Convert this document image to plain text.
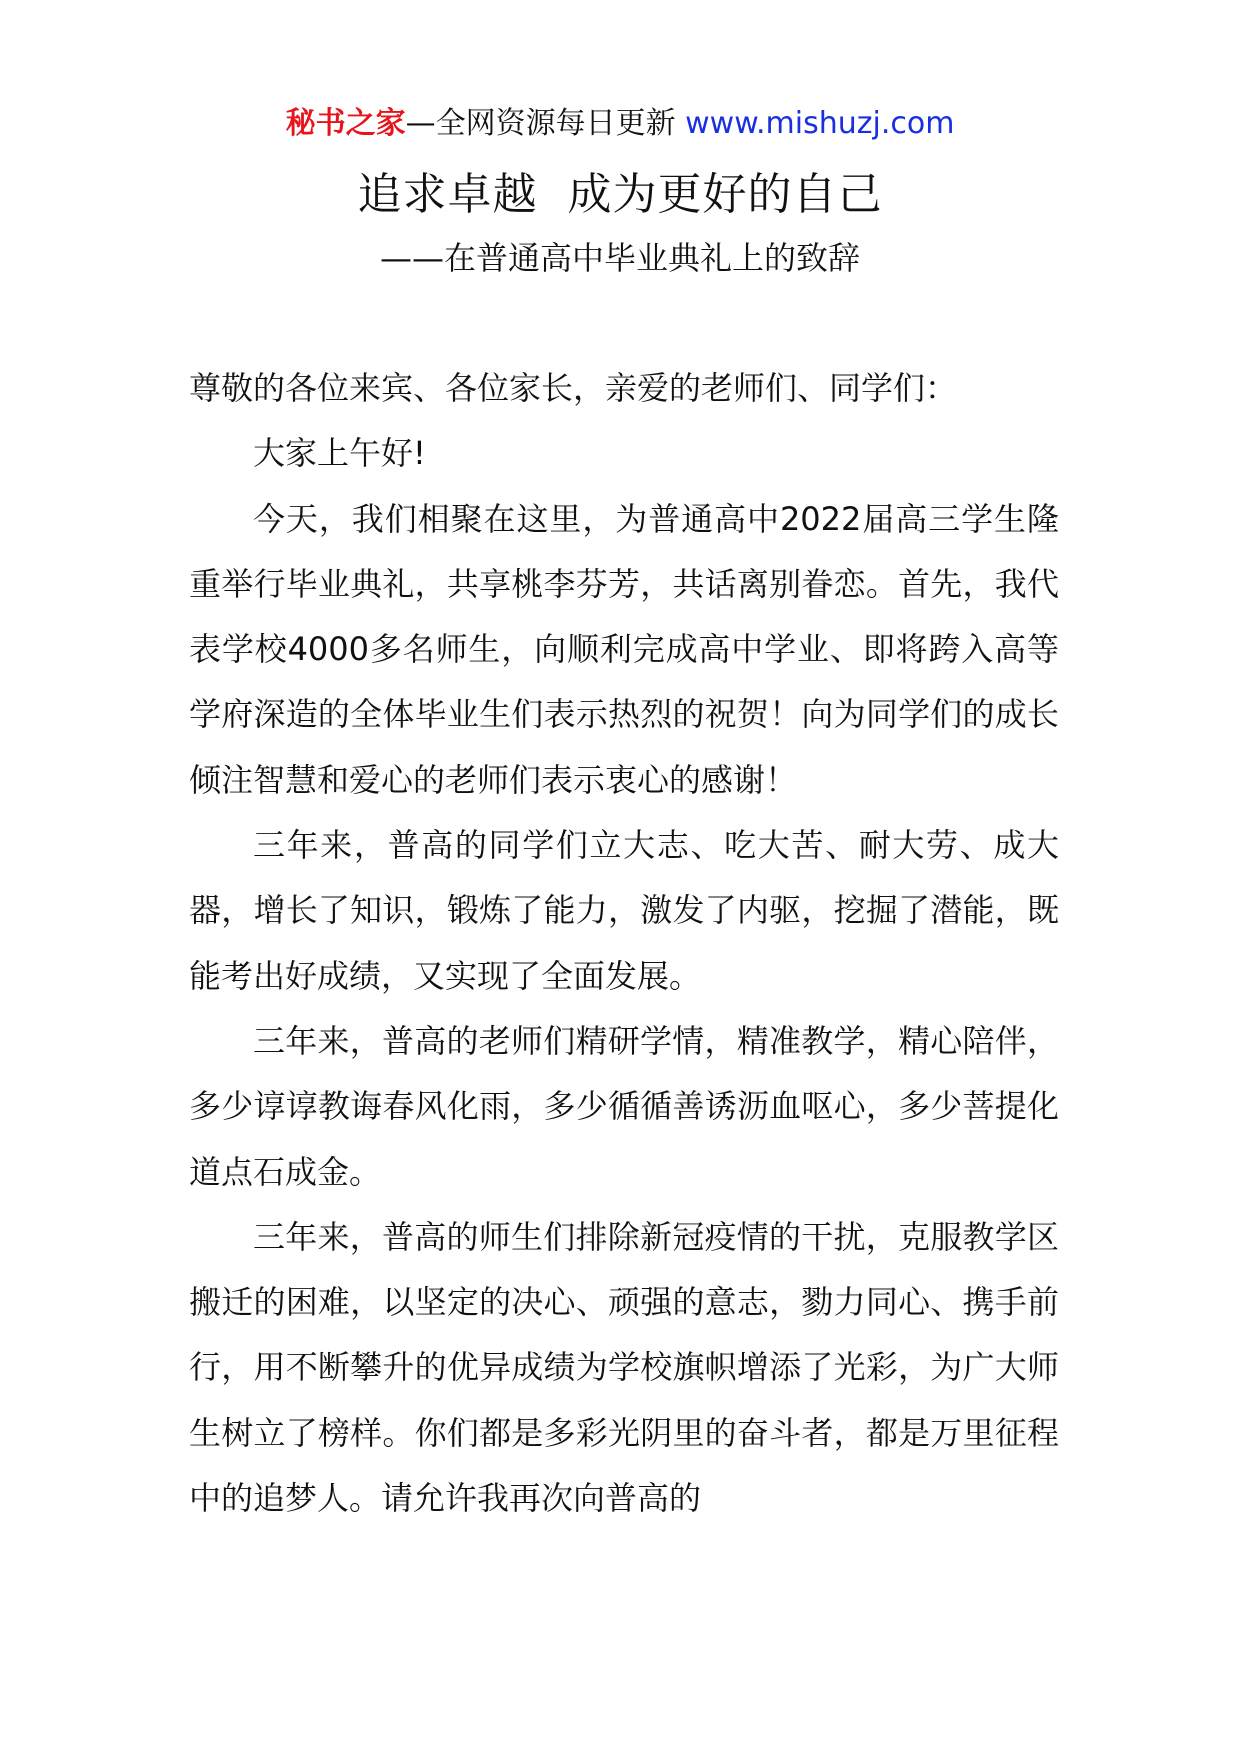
秘书之家—全网资源每日更新 www.mishuzj.com
追求卓越  成为更好的自己
——在普通高中毕业典礼上的致辞

尊敬的各位来宾、各位家长，亲爱的老师们、同学们：

大家上午好!

今天，我们相聚在这里，为普通高中2022届高三学生隆重举行毕业典礼，共享桃李芬芳，共话离别眷恋。首先，我代表学校4000多名师生，向顺利完成高中学业、即将跨入高等学府深造的全体毕业生们表示热烈的祝贺！向为同学们的成长倾注智慧和爱心的老师们表示衷心的感谢！

三年来，普高的同学们立大志、吃大苦、耐大劳、成大器，增长了知识，锻炼了能力，激发了内驱，挖掘了潜能，既能考出好成绩，又实现了全面发展。

三年来，普高的老师们精研学情，精准教学，精心陪伴，多少谆谆教诲春风化雨，多少循循善诱沥血呕心，多少菩提化道点石成金。

三年来，普高的师生们排除新冠疫情的干扰，克服教学区搬迁的困难，以坚定的决心、顽强的意志，勠力同心、携手前行，用不断攀升的优异成绩为学校旗帜增添了光彩，为广大师生树立了榜样。你们都是多彩光阴里的奋斗者，都是万里征程中的追梦人。请允许我再次向普高的
